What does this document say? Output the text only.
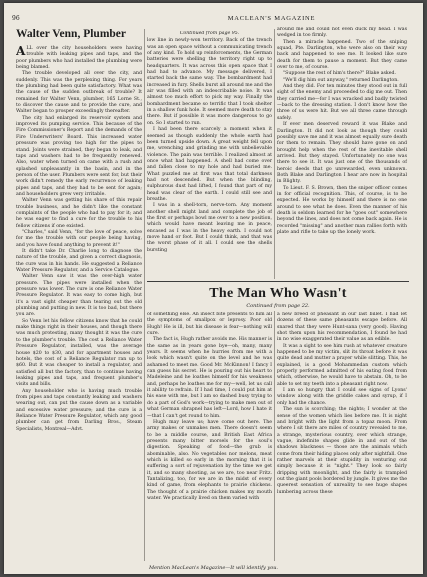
96	MACLEAN'S MAGAZINE
Walter Venn, Plumber

ALL over the city householders were having trouble with leaking pipes and taps, and the poor plumbers who had installed the plumbing were being blamed.

The trouble developed all over the city, and suddenly. This was the perplexing thing. For years the plumbing had been quite satisfactory. What was the cause of the sudden outbreak of trouble? It remained for Walter Venn, plumber, 165 Lorne St., to discover the cause and to provide the cure, and Walter began to prosper exceedingly thereafter.

The city had enlarged its reservoir system and improved its pumping service. This because of the Fire Commissioner's Report and the demands of the Fire Underwriters' Board. This increased water pressure was proving too high for the pipes to stand. Joints were strained, they began to leak, and taps and washers had to be frequently renewed. Also, water when turned on came with a rush and splashed unpleasantly in the basin, and in the person of the user. Plumbers were sent for, but their work didn't remedy the early recurrence of leaking pipes and taps, and they had to be sent for again; and householders grew very irritable.

Walter Venn was getting his share of this repair trouble business, and he didn't like the constant complaints of the people who had to pay for it; and he was eager to find a cure for the trouble to his fellow citizens if one existed.

"Charles," said Venn, "for the love of peace, solve for me the trouble with our people being having, and you have found anything to prevent it!"

It didn't take Dr. Charlie long to diagnose the nature of the trouble, and given a correct diagnosis, the cure was in his hands. He suggested a Reliance Water Pressure Regulator, and a Service Catalogue.

Walter Venn saw it was the over-high water pressure. The pipes were installed when the pressure was lower. The cure is one Reliance Water Pressure Regulator. It was easy to come high, but it's a vast sight cheaper than tearing out the old plumbing and putting in new. It is too bad, but there you are.

So Venn let his fellow citizens know that he could make things right in their houses, and though there was much protesting, many thought it was the cure to the plumber's trouble. The cost a Reliance Water Pressure Regulator, installed, was the average house $20 to $30, and for apartment houses and hotels, the cost of a Reliance Regulator ran up to $60. But it was cheaper to install a regulator, and satisfied all but the factory, than to continue having leaking pipes and taps, and frequent plumber's visits and bills.

Any householder who is having much trouble from pipes and taps constantly leaking and washers wearing out, can put the cause down as a variable and excessive water pressure; and the cure is a Reliance Water Pressure Regulator, which any good plumber can get from Darling Bros., Steam Specialists, Montreal—Advt.

Continued from page 95.

low line in newly-won territory. Back of the trench was an open space without a communicating trench of any kind. To hold up reinforcements, the German batteries were shelling the territory right up to headquarters. It was across this open space that I had had to advance. My message delivered, I started back the same way. The bombardment had increased in fury. Shells burst all around me and the air was filled with an indescribable noise. It was almost too much effort to pick my way. Finally the bombardment became so terrific that I took shelter in a shallow funk hole. It seemed more death to stay there. But if possible it was more dangerous to go on. So I started to run.

I had been there scarcely a moment when it seemed as though suddenly the whole earth had been turned upside down. A great weight fell upon me, wrenching and grinding me with unbelievable violence. The pain was terrible. I realized almost at once what had happened. A shell had come over and fallen close to my hole and had buried me. What puzzled me at first was that total darkness had not descended. But when the blinding, sulphurous dust had lifted, I found that part of my head was clear of the earth. I could still see and breathe.

I was in a shell-torn, nerve-torn. Any moment another shell might land and complete the job of the first or perhaps bowl me over to a new position, which would have meant leaving me in peace, encased as I was in the heavy earth. I could not move hand or foot. But I could think, and that was the worst phase of it all. I could see the shells bursting

around me and could not even duck my head. I was wedged in too firmly.

Then a miracle happened. Two of the sniping squad, Pte. Darlington, who were also on their way back and happened to see me. It looked like sure death for them to pause a moment. But they came over to me, of course.

"Suppose the rest of him's there?" Blake asked.

"We'll dig him out anyway," returned Darlington.

And they did. For ten minutes they stood out in full sight of the enemy and proceeded to dig me out. Then they carried me—for I was wracked and badly twisted—back to the dressing station. I don't know how the three of us were hit. But we all three came through safely.

If ever men deserved reward it was Blake and Darlington. It did not look as though they could possibly save me and it was almost equally sure death for them to remain. They should have gone on and brought help when the rest of the inevitable shell arrived. But they stayed. Unfortunately no one was there to see it. It was just one of the thousands of heroic deeds that go unrewarded, even unknown. Both Blake and Darlington I hear are now in hospital in Blighty.

To Lieut. F. S. Brown, then the sniper officer comes in for official recognition. This, of course, is to be expected. He works by himself and there is no one around to see what he does. Even the manner of his death is seldom learned for he "goes out" somewhere beyond the lines, and does not come back again. He is recorded "missing" and another man rallies forth with plate and rifle to take up the lonely work.

The Man Who Wasn't
Continued from page 22.

of something else. An insect bite presents to him all the symptoms of smallpox or leprosy. Poor old Hugh! He is ill, but his disease is fear—nothing will cure.

The fact is, Hugh rather avoids me. His manner is the same as in years gone bye—oh, many, many years. It seems when he hurries from me with a look which wasn't quite on the level and he was ashamed to meet me. Good Mr. McKinnon! I fancy I can guess his secret. He is pouring out his heart to Madeleine and he loathes himself for his weakness and, perhaps he loathes me for my—well, let us call it ability to refrain. If I had time, I could put him at his ease with me, but I am so dashed busy trying to do a part of God's work—trying to make men out of what German shrapnel has left—Lord, how I hate it—that I can't get round to him.

Hugh may leave us; have come out here. The army makes or unmakes men. There doesn't seem to be a middle course, and British East Africa presents many bitter morsels for the soul's digestion. Speaking of food—the grub is abominable, also. No vegetables nor melons, meat which is killed so early in the morning that it is suffering a sort of rejuvenation by the time we get it, and so many shooting, as we are, too near Fritz. Tantalizing, too, for we are in the midst of every kind of game, from elephants to prairie chickens. The thought of a prairie chicken makes my mouth water. We practically lived on them varied with

a new breed of pheasant in our last billet. I had let dozens of these same pheasants escape before. All snared that they were Hunt-sana (very good). Having shot them upon his recommendation, I found he had in no wise exaggerated their value as an edible.

It was a sight to see him rush at whatever creature happened to be my victim, slit its throat before it was quite dead and mutter a prayer while slitting. This, he explained, is a good Mohammedan custom which properly performed admitted of his eating food from which, otherwise, he would have to abstain. Oh, to be able to set my teeth into a pheasant right now.

I am so hungry that I could see signs of Lyons' window along with the griddle cakes and syrup, if I only had the chance.

The sun is scorching; the nights; I wonder at the sense of the women which lies before me. It is night and bright with the light from a topaz moon. From where I sit there are miles of country revealed to me, a strange, mysterious country, over which strange, vague, indefinite shapes glide in and out of the shadows blackness — those are the animals which come from their hiding places only after nightfall. One rather marvels at their stupidity in venturing out simply because it is "night." They look so fairly dripping with moonlight, and the fairly is trampled out the giant pools bordered by jungle. It gives me the queerest sensation of unreality to see huge shapes lumbering across these

Mention MacLean's Magazine—It will identify you.
